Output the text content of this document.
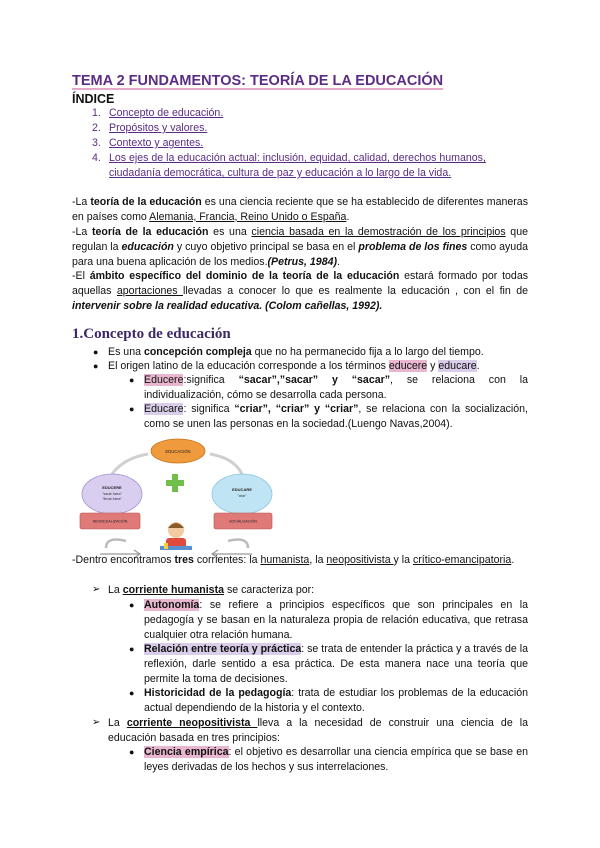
TEMA 2 FUNDAMENTOS: TEORÍA DE LA EDUCACIÓN
ÍNDICE
1. Concepto de educación.
2. Propósitos y valores.
3. Contexto y agentes.
4. Los ejes de la educación actual: inclusión, equidad, calidad, derechos humanos, ciudadanía democrática, cultura de paz y educación a lo largo de la vida.
-La teoría de la educación es una ciencia reciente que se ha establecido de diferentes maneras en países como Alemania, Francia, Reino Unido o España.
-La teoría de la educación es una ciencia basada en la demostración de los principios que regulan la educación y cuyo objetivo principal se basa en el problema de los fines como ayuda para una buena aplicación de los medios.(Petrus, 1984).
-El ámbito específico del dominio de la teoría de la educación estará formado por todas aquellas aportaciones llevadas a conocer lo que es realmente la educación , con el fin de intervenir sobre la realidad educativa. (Colom cañellas, 1992).
1.Concepto de educación
● Es una concepción compleja que no ha permanecido fija a lo largo del tiempo.
● El origen latino de la educación corresponde a los términos educere y educare.
● Educere:significa “sacar”,”sacar” y “sacar”, se relaciona con la individualización, cómo se desarrolla cada persona.
● Educare: significa “criar”, “criar” y “criar”, se relaciona con la socialización, como se unen las personas en la sociedad.(Luengo Navas,2004).
EDUCACIÓN
EDUCERE
"sacar fuera"
"llevar fuera"
EDUCARE
"criar"
INDIVIDUALIZACIÓN	SOCIALIZACIÓN
-Dentro encontramos tres corrientes: la humanista, la neopositivista y la crítico-emancipatoria.
➢ La corriente humanista se caracteriza por:
● Autonomía: se refiere a principios específicos que son principales en la pedagogía y se basan en la naturaleza propia de relación educativa, que retrasa cualquier otra relación humana.
● Relación entre teoría y práctica: se trata de entender la práctica y a través de la reflexión, darle sentido a esa práctica. De esta manera nace una teoría que permite la toma de decisiones.
● Historicidad de la pedagogía: trata de estudiar los problemas de la educación actual dependiendo de la historia y el contexto.
➢ La corriente neopositivista lleva a la necesidad de construir una ciencia de la educación basada en tres principios:
● Ciencia empírica: el objetivo es desarrollar una ciencia empírica que se base en leyes derivadas de los hechos y sus interrelaciones.
